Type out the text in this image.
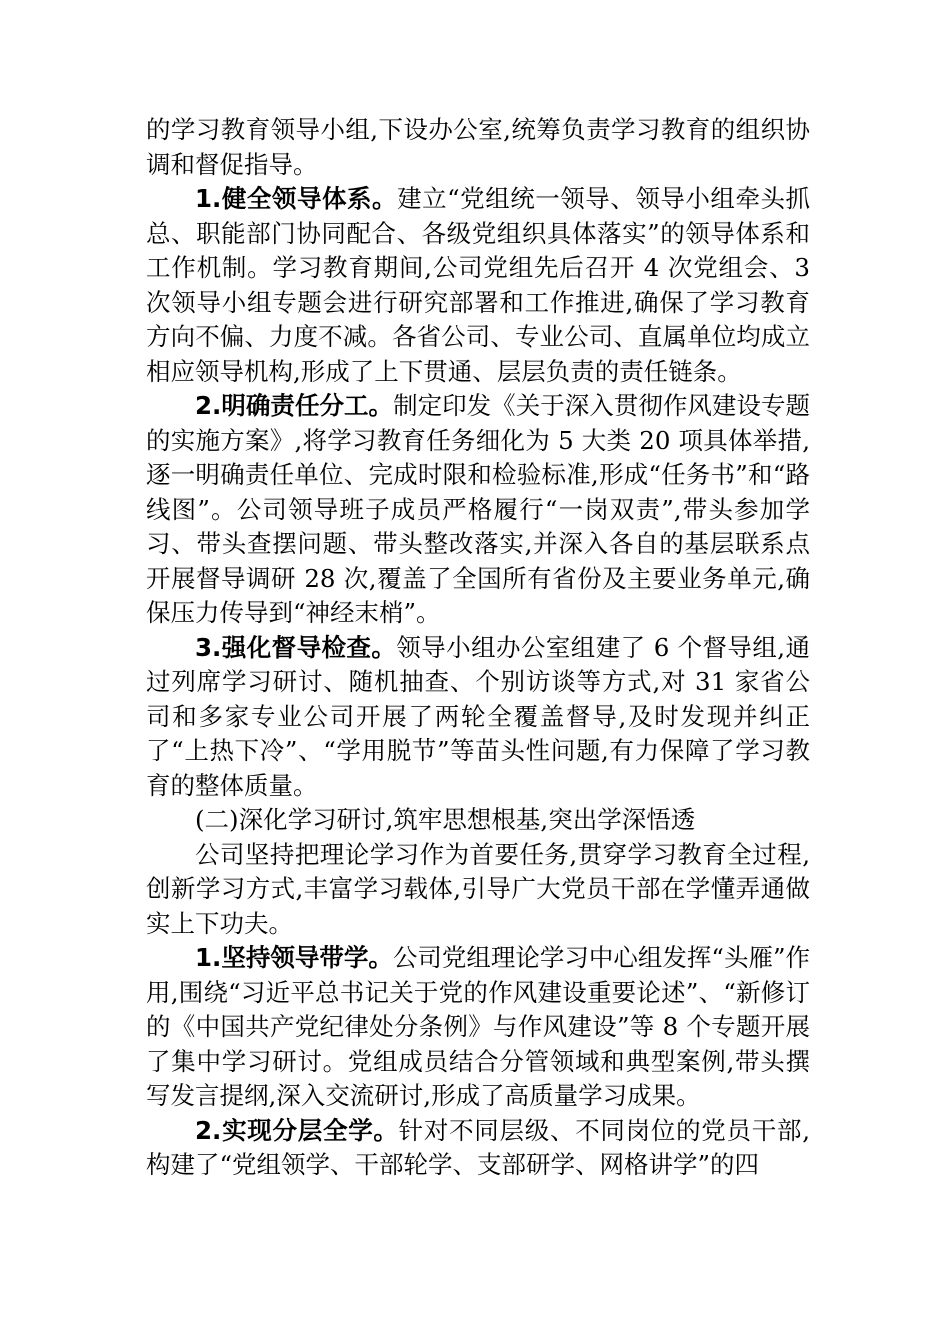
的学习教育领导小组,下设办公室,统筹负责学习教育的组织协调和督促指导。

1.健全领导体系。建立“党组统一领导、领导小组牵头抓总、职能部门协同配合、各级党组织具体落实”的领导体系和工作机制。学习教育期间,公司党组先后召开 4 次党组会、3 次领导小组专题会进行研究部署和工作推进,确保了学习教育方向不偏、力度不减。各省公司、专业公司、直属单位均成立相应领导机构,形成了上下贯通、层层负责的责任链条。

2.明确责任分工。制定印发《关于深入贯彻作风建设专题的实施方案》,将学习教育任务细化为 5 大类 20 项具体举措,逐一明确责任单位、完成时限和检验标准,形成“任务书”和“路线图”。公司领导班子成员严格履行“一岗双责”,带头参加学习、带头查摆问题、带头整改落实,并深入各自的基层联系点开展督导调研 28 次,覆盖了全国所有省份及主要业务单元,确保压力传导到“神经末梢”。

3.强化督导检查。领导小组办公室组建了 6 个督导组,通过列席学习研讨、随机抽查、个别访谈等方式,对 31 家省公司和多家专业公司开展了两轮全覆盖督导,及时发现并纠正了“上热下冷”、“学用脱节”等苗头性问题,有力保障了学习教育的整体质量。

(二)深化学习研讨,筑牢思想根基,突出学深悟透

公司坚持把理论学习作为首要任务,贯穿学习教育全过程,创新学习方式,丰富学习载体,引导广大党员干部在学懂弄通做实上下功夫。

1.坚持领导带学。公司党组理论学习中心组发挥“头雁”作用,围绕“习近平总书记关于党的作风建设重要论述”、“新修订的《中国共产党纪律处分条例》与作风建设”等 8 个专题开展了集中学习研讨。党组成员结合分管领域和典型案例,带头撰写发言提纲,深入交流研讨,形成了高质量学习成果。

2.实现分层全学。针对不同层级、不同岗位的党员干部,构建了“党组领学、干部轮学、支部研学、网格讲学”的四
